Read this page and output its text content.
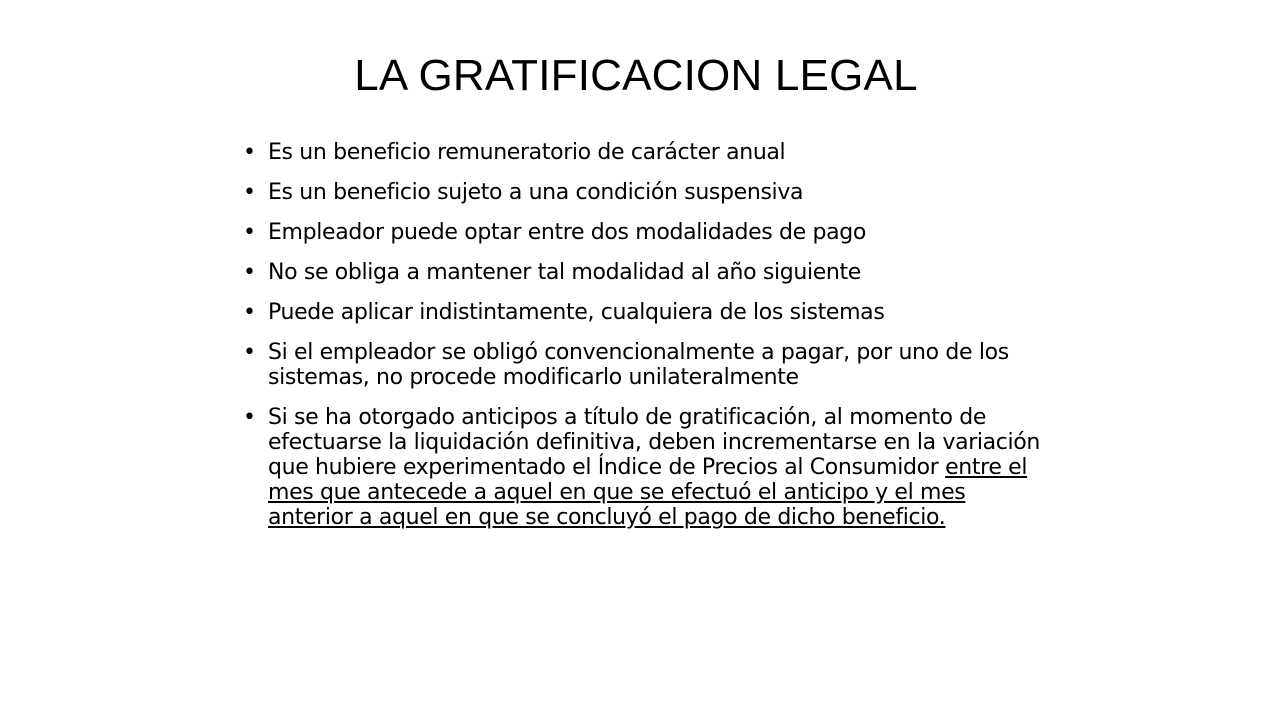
LA GRATIFICACION LEGAL
• Es un beneficio remuneratorio de carácter anual
• Es un beneficio sujeto a una condición suspensiva
• Empleador puede optar entre dos modalidades de pago
• No se obliga a mantener tal modalidad al año siguiente
• Puede aplicar indistintamente, cualquiera de los sistemas
• Si el empleador se obligó convencionalmente a pagar, por uno de los sistemas, no procede modificarlo unilateralmente
• Si se ha otorgado anticipos a título de gratificación, al momento de efectuarse la liquidación definitiva, deben incrementarse en la variación que hubiere experimentado el Índice de Precios al Consumidor entre el mes que antecede a aquel en que se efectuó el anticipo y el mes anterior a aquel en que se concluyó el pago de dicho beneficio.
